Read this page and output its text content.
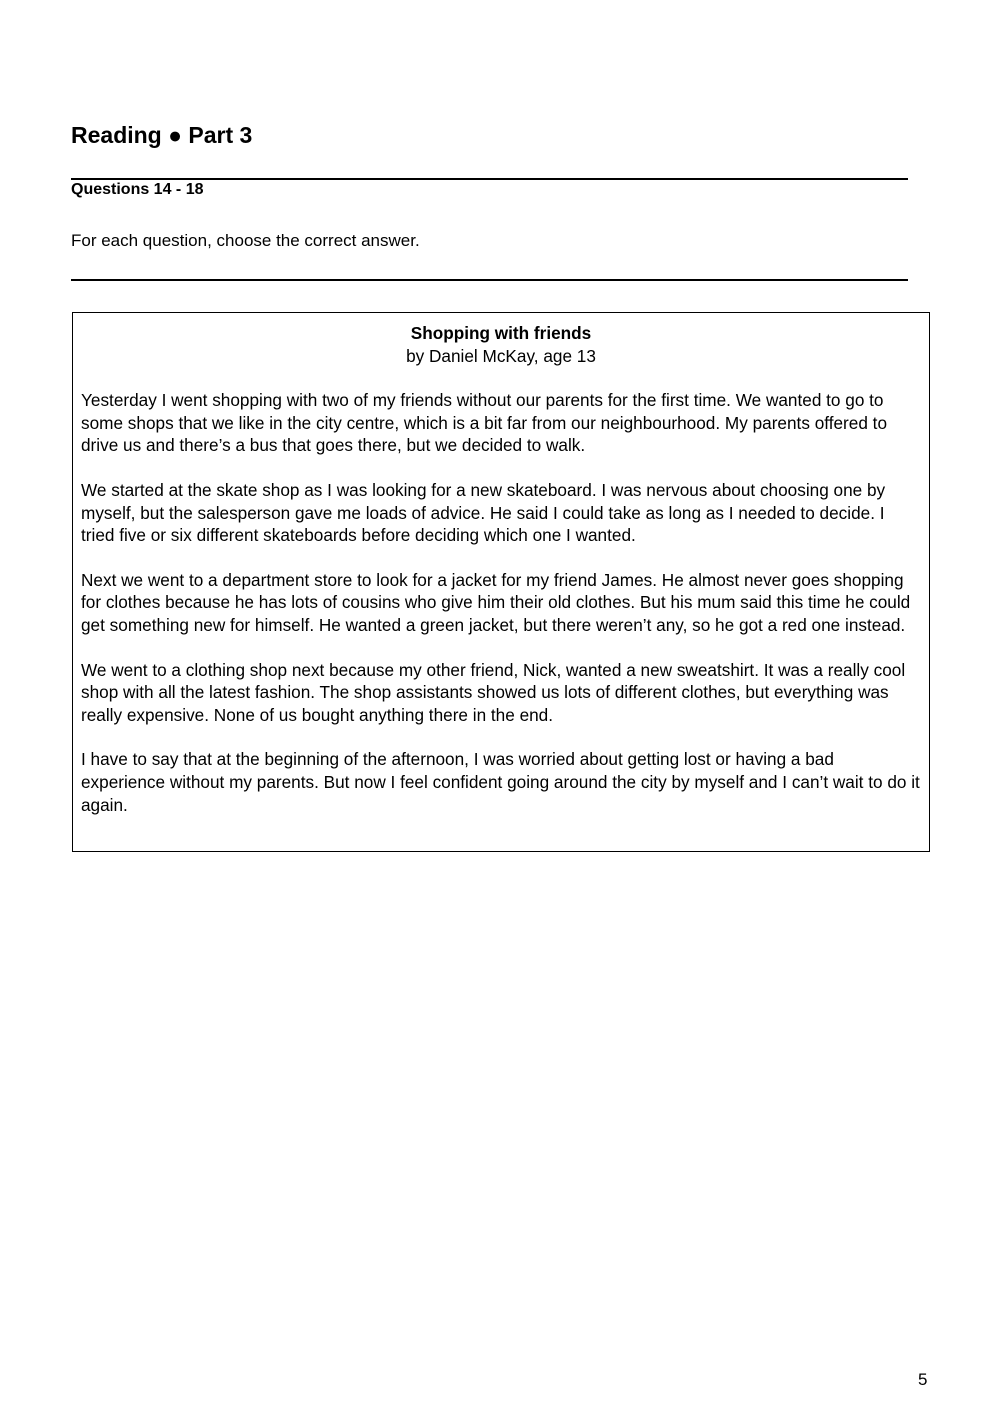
Reading ● Part 3
Questions 14 - 18
For each question, choose the correct answer.
Shopping with friends
by Daniel McKay, age 13

Yesterday I went shopping with two of my friends without our parents for the first time. We wanted to go to some shops that we like in the city centre, which is a bit far from our neighbourhood. My parents offered to drive us and there’s a bus that goes there, but we decided to walk.

We started at the skate shop as I was looking for a new skateboard. I was nervous about choosing one by myself, but the salesperson gave me loads of advice. He said I could take as long as I needed to decide. I tried five or six different skateboards before deciding which one I wanted.

Next we went to a department store to look for a jacket for my friend James. He almost never goes shopping for clothes because he has lots of cousins who give him their old clothes. But his mum said this time he could get something new for himself. He wanted a green jacket, but there weren’t any, so he got a red one instead.

We went to a clothing shop next because my other friend, Nick, wanted a new sweatshirt. It was a really cool shop with all the latest fashion. The shop assistants showed us lots of different clothes, but everything was really expensive. None of us bought anything there in the end.

I have to say that at the beginning of the afternoon, I was worried about getting lost or having a bad experience without my parents. But now I feel confident going around the city by myself and I can’t wait to do it again.

5
